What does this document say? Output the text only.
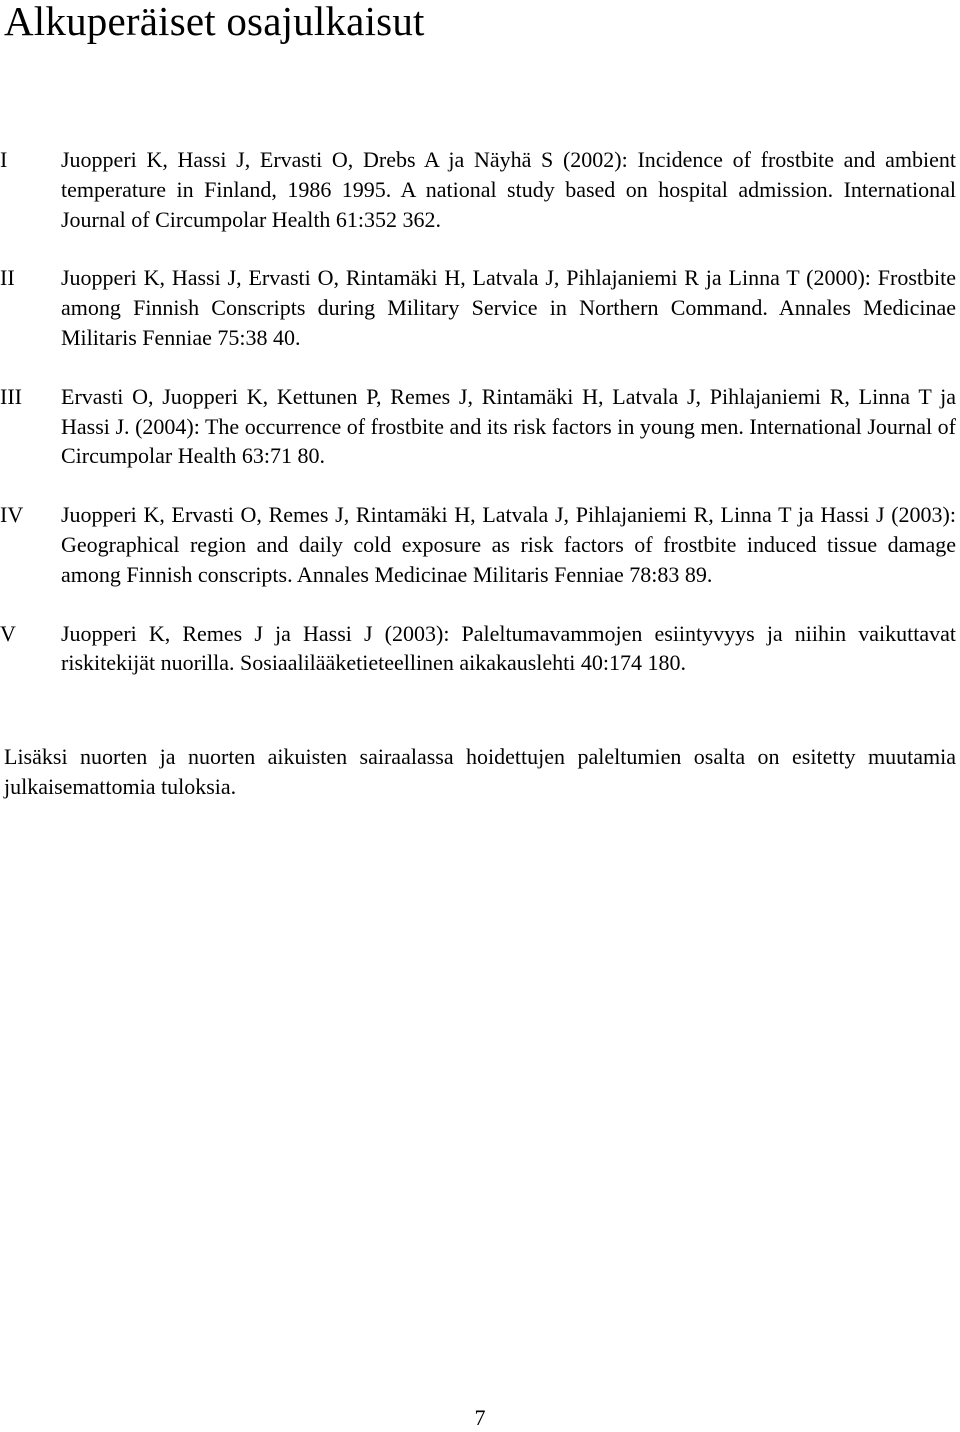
Alkuperäiset osajulkaisut
I	Juopperi K, Hassi J, Ervasti O, Drebs A ja Näyhä S (2002): Incidence of frostbite and ambient temperature in Finland, 1986 1995. A national study based on hospital admission. International Journal of Circumpolar Health 61:352 362.
II	Juopperi K, Hassi J, Ervasti O, Rintamäki H, Latvala J, Pihlajaniemi R ja Linna T (2000): Frostbite among Finnish Conscripts during Military Service in Northern Command. Annales Medicinae Militaris Fenniae 75:38 40.
III	Ervasti O, Juopperi K, Kettunen P, Remes J, Rintamäki H, Latvala J, Pihlajaniemi R, Linna T ja Hassi J. (2004): The occurrence of frostbite and its risk factors in young men. International Journal of Circumpolar Health 63:71 80.
IV	Juopperi K, Ervasti O, Remes J, Rintamäki H, Latvala J, Pihlajaniemi R, Linna T ja Hassi J (2003): Geographical region and daily cold exposure as risk factors of frostbite induced tissue damage among Finnish conscripts. Annales Medicinae Militaris Fenniae 78:83 89.
V	Juopperi K, Remes J ja Hassi J (2003): Paleltumavammojen esiintyvyys ja niihin vaikuttavat riskitekijät nuorilla. Sosiaalilääketieteellinen aikakauslehti 40:174 180.

Lisäksi nuorten ja nuorten aikuisten sairaalassa hoidettujen paleltumien osalta on esitetty muutamia julkaisemattomia tuloksia.

7
